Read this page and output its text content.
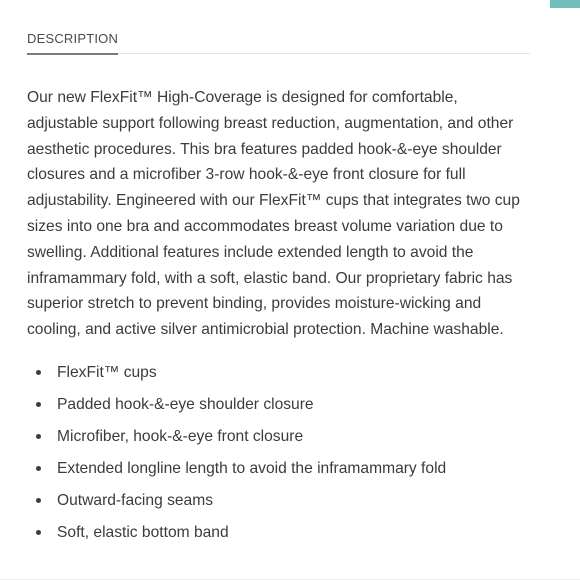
DESCRIPTION

Our new FlexFit™ High-Coverage is designed for comfortable, adjustable support following breast reduction, augmentation, and other aesthetic procedures. This bra features padded hook-&-eye shoulder closures and a microfiber 3-row hook-&-eye front closure for full adjustability. Engineered with our FlexFit™ cups that integrates two cup sizes into one bra and accommodates breast volume variation due to swelling. Additional features include extended length to avoid the inframammary fold, with a soft, elastic band. Our proprietary fabric has superior stretch to prevent binding, provides moisture-wicking and cooling, and active silver antimicrobial protection. Machine washable.

FlexFit™ cups
Padded hook-&-eye shoulder closure
Microfiber, hook-&-eye front closure
Extended longline length to avoid the inframammary fold
Outward-facing seams
Soft, elastic bottom band
